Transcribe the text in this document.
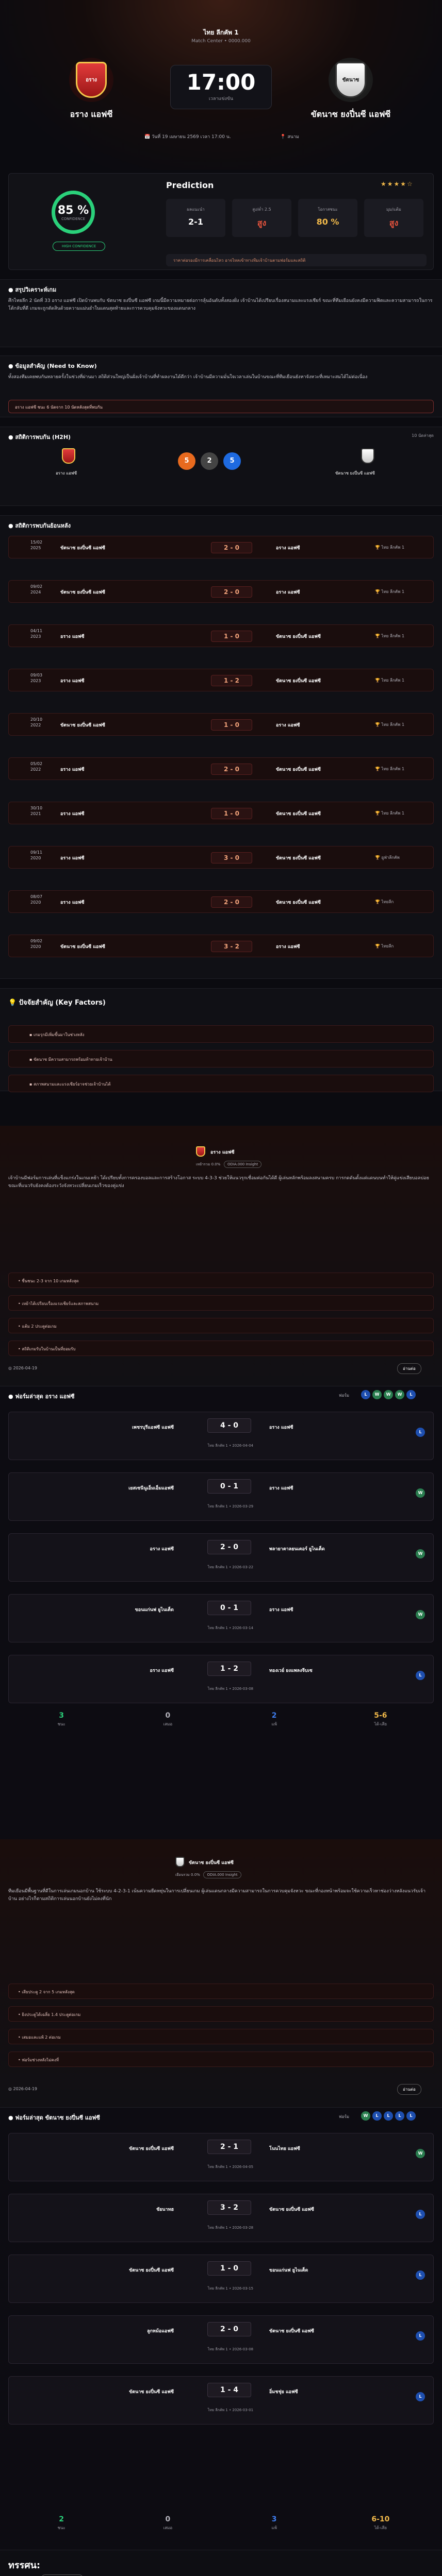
ไทย ลีกคัพ 1
Match Center • 0000.000
อราง	ขัตนาซ
อราง แอฟซี	ขัตนาซ ยงปี่นซี แอฟซี
17:00
เวลาแข่งขัน
📅 วันที่ 19 เมษายน 2569 เวลา 17:00 น.	📍 สนาม
85 %
CONFIDENCE
HIGH CONFIDENCE
Prediction	★★★★☆
ราคาต่อรองมีการเคลื่อนไหว อาจไหลเข้าทางทีมเจ้าบ้านตามฟอร์มและสถิติ
● สรุปวิเคราะห์เกม

ศึกไทยลีก 2 นัดที่ 33 อราง แอฟซี เปิดบ้านพบกับ ขัตนาซ ยงปี่นซี แอฟซี เกมนี้มีความหมายต่อการลุ้นอันดับทั้งสองฝั่ง เจ้าบ้านได้เปรียบเรื่องสนามและแรงเชียร์ ขณะที่ทีมเยือนยังคงมีความฟิตและความสามารถในการโต้กลับที่ดี เกมจะถูกตัดสินด้วยความแม่นยำในแดนสุดท้ายและการควบคุมจังหวะของแดนกลาง

● ข้อมูลสำคัญ (Need to Know)

ทั้งสองทีมเคยพบกันหลายครั้งในช่วงที่ผ่านมา สถิติส่วนใหญ่เป็นฝั่งเจ้าบ้านที่ทำผลงานได้ดีกว่า เจ้าบ้านมีความมั่นใจเวลาเล่นในบ้านขณะที่ทีมเยือนยังหาจังหวะที่เหมาะสมได้ไม่ต่อเนื่อง

อราง แอฟซี ชนะ 6 นัดจาก 10 นัดหลังสุดที่พบกัน
● สถิติการพบกัน (H2H)	10 นัดล่าสุด
อราง แอฟซี	ขัตนาซ ยงปี่นซี แอฟซี
5	2	5
● สถิติการพบกันย้อนหลัง
💡 ปัจจัยสำคัญ (Key Factors)
อราง แอฟซี
เหย้ารวม 0.0% ODIA.000 Insight
เจ้าบ้านมีฟอร์มการเล่นที่แข็งแกร่งในเกมเหย้า ได้เปรียบทั้งการครองบอลและการสร้างโอกาส ระบบ 4-3-3 ช่วยให้แนวรุกเชื่อมต่อกันได้ดี ผู้เล่นหลักพร้อมลงสนามครบ การกดดันตั้งแต่แดนบนทำให้คู่แข่งเสียบอลบ่อย ขณะที่แนวรับยังคงต้องระวังจังหวะเปลี่ยนเกมเร็วของคู่แข่ง
◎ 2026-04-19	อ่านต่อ
● ฟอร์มล่าสุด อราง แอฟซี	ฟอร์ม	L	W	W	W	L
เพชรบุรีแอฟซี แอฟซี	4 - 0	อราง แอฟซี
ไทย ลีกคัพ 1 • 2026-04-04
L
เยสเซนีนูเอ็มเอ็มแอฟซี	0 - 1	อราง แอฟซี
ไทย ลีกคัพ 1 • 2026-03-29
W
อราง แอฟซี	2 - 0	พลายาตาลยนเตอร์ ยูไนเต็ด
ไทย ลีกคัพ 1 • 2026-03-22
W
ขอนแก่นฟ ยูไนเต็ด	0 - 1	อราง แอฟซี
ไทย ลีกคัพ 1 • 2026-03-14
W
อราง แอฟซี	1 - 2	ทองเวย์ ยงแพลงจีบเซ
ไทย ลีกคัพ 1 • 2026-03-08
L
3
ชนะ
0
เสมอ
2
แพ้
5-6
ได้-เสีย
ขัตนาซ ยงปี่นซี แอฟซี
เยือนรวม 0.0% ODIA.000 Insight
ทีมเยือนมีพื้นฐานที่ดีในการเล่นเกมนอกบ้าน ใช้ระบบ 4-2-3-1 เน้นความยืดหยุ่นในการเปลี่ยนเกม ผู้เล่นแดนกลางมีความสามารถในการควบคุมจังหวะ ขณะที่กองหน้าพร้อมจะใช้ความเร็วหาช่องว่างหลังแนวรับเจ้าบ้าน อย่างไรก็ตามสถิติการเล่นนอกบ้านยังไม่คงที่นัก
◎ 2026-04-19	อ่านต่อ
● ฟอร์มล่าสุด ขัตนาซ ยงปี่นซี แอฟซี	ฟอร์ม	W	L	L	L	L
ขัตนาซ ยงปี่นซี แอฟซี	2 - 1	โนนไทย แอฟซี
ไทย ลีกคัพ 1 • 2026-04-05
W
ชัยนาทฮ	3 - 2	ขัตนาซ ยงปี่นซี แอฟซี
ไทย ลีกคัพ 1 • 2026-03-28
L
ขัตนาซ ยงปี่นซี แอฟซี	1 - 0	ขอนแก่นฟ ยูไนเต็ด
ไทย ลีกคัพ 1 • 2026-03-15
L
ลูกหม้อแอฟซี	2 - 0	ขัตนาซ ยงปี่นซี แอฟซี
ไทย ลีกคัพ 1 • 2026-03-08
L
ขัตนาซ ยงปี่นซี แอฟซี	1 - 4	อิ่มชชุ่ย แอฟซี
ไทย ลีกคัพ 1 • 2026-03-01
L
2
ชนะ
0
เสมอ
3
แพ้
6-10
ได้-เสีย
ทรรศน:

ผลแนะนำ
2-1
สูง/ต่ำ 2.5
สูง
โอกาสชนะ
80 %
มุม/แต้ม
สูง
15/02
2025	ขัตนาซ ยงปี่นซี แอฟซี	2 - 0	อราง แอฟซี	🏆 ไทย ลีกคัพ 1
09/02
2024	ขัตนาซ ยงปี่นซี แอฟซี	2 - 0	อราง แอฟซี	🏆 ไทย ลีกคัพ 1
04/11
2023	อราง แอฟซี	1 - 0	ขัตนาซ ยงปี่นซี แอฟซี	🏆 ไทย ลีกคัพ 1
09/03
2023	อราง แอฟซี	1 - 2	ขัตนาซ ยงปี่นซี แอฟซี	🏆 ไทย ลีกคัพ 1
20/10
2022	ขัตนาซ ยงปี่นซี แอฟซี	1 - 0	อราง แอฟซี	🏆 ไทย ลีกคัพ 1
05/02
2022	อราง แอฟซี	2 - 0	ขัตนาซ ยงปี่นซี แอฟซี	🏆 ไทย ลีกคัพ 1
30/10
2021	อราง แอฟซี	1 - 0	ขัตนาซ ยงปี่นซี แอฟซี	🏆 ไทย ลีกคัพ 1
09/11
2020	อราง แอฟซี	3 - 0	ขัตนาซ ยงปี่นซี แอฟซี	🏆 ยูฟ่าลีกคัพ
08/07
2020	อราง แอฟซี	2 - 0	ขัตนาซ ยงปี่นซี แอฟซี	🏆 ไทยลีก
09/02
2020	ขัตนาซ ยงปี่นซี แอฟซี	3 - 2	อราง แอฟซี	🏆 ไทยลีก
▪ เกมรุกมีเพิ่มขึ้นมาในช่วงหลัง
▪ ขัตนาซ มีความสามารถพร้อมท้าทายเจ้าบ้าน
▪ สภาพสนามและแรงเชียร์อาจช่วยเจ้าบ้านได้
• ชื่นชนะ 2-3 จาก 10 เกมหลังสุด
• เหย้าได้เปรียบเรื่องแรงเชียร์และสภาพสนาม
• แต้ม 2 ประตูต่อเกม
• สถิติเกมรับในบ้านเป็นที่ยอมรับ
• เสียประตู 2 จาก 5 เกมหลังสุด
• ยิงประตูได้เฉลี่ย 1.4 ประตูต่อเกม
• เสมอและแพ้ 2 ต่อเกม
• ฟอร์มช่วงหลังไม่คงที่
